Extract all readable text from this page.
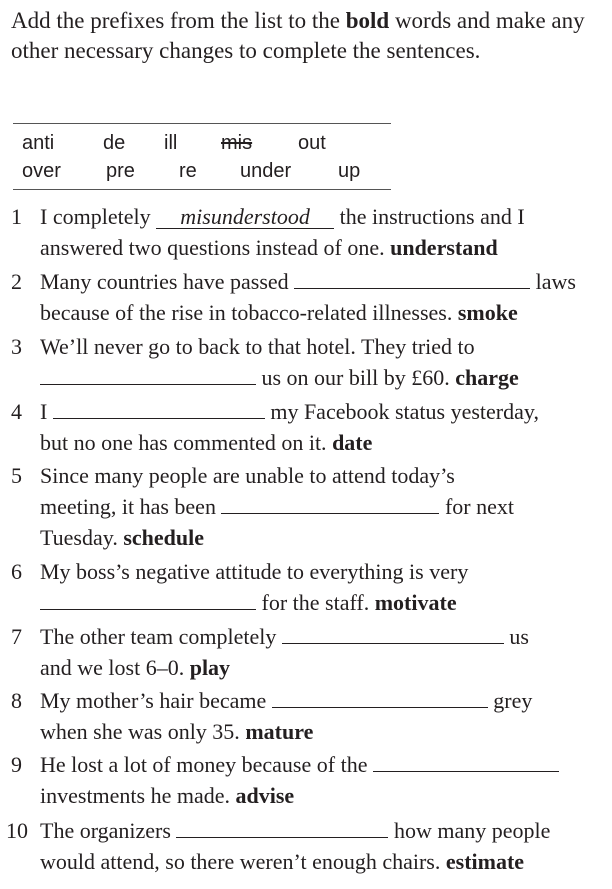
Add the prefixes from the list to the bold words and make any other necessary changes to complete the sentences.

anti de ill mis out
over pre re under up
1 I completely misunderstood the instructions and I
answered two questions instead of one. understand
2 Many countries have passed	laws
because of the rise in tobacco-related illnesses. smoke
3 We’ll never go to back to that hotel. They tried to
us on our bill by £60. charge
4 I	my Facebook status yesterday,
but no one has commented on it. date
5 Since many people are unable to attend today’s
meeting, it has been	for next
Tuesday. schedule
6 My boss’s negative attitude to everything is very
for the staff. motivate
7 The other team completely	us
and we lost 6–0. play
8 My mother’s hair became	grey
when she was only 35. mature
9 He lost a lot of money because of the
investments he made. advise
10 The organizers	how many people
would attend, so there weren’t enough chairs. estimate
